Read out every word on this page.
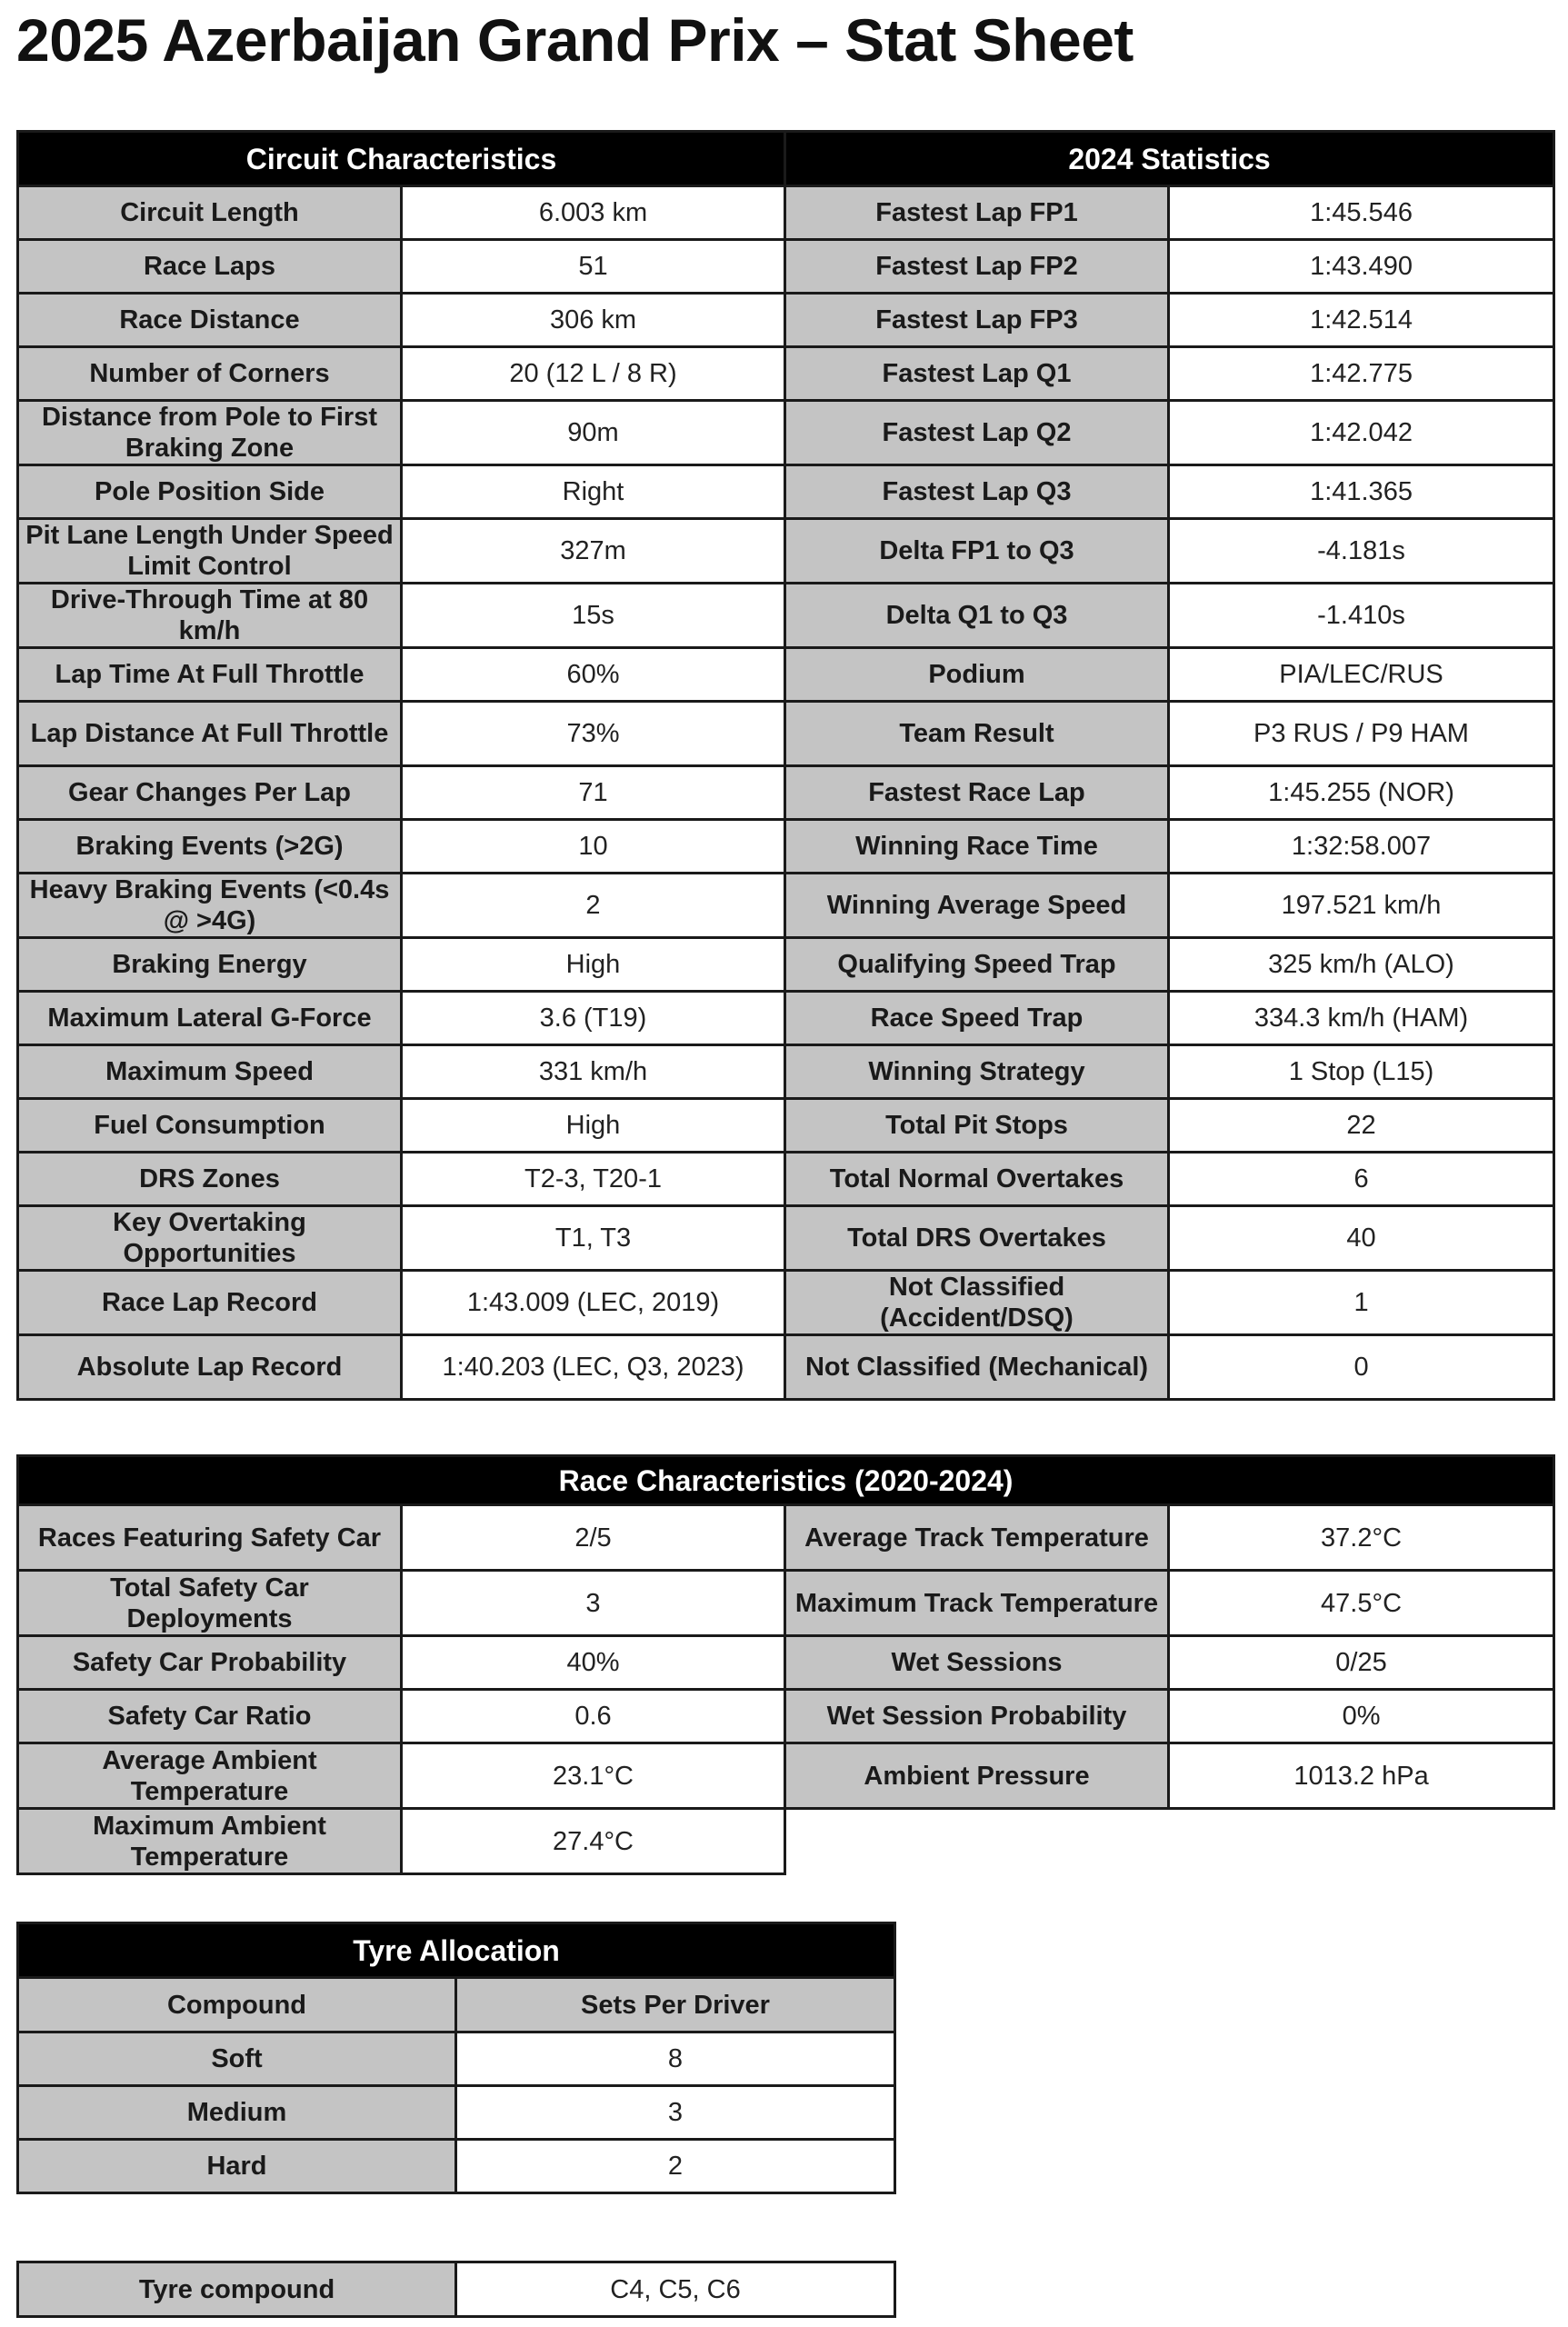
2025 Azerbaijan Grand Prix – Stat Sheet
Circuit Characteristics		2024 Statistics	
Circuit Length	6.003 km	Fastest Lap FP1	1:45.546
Race Laps	51	Fastest Lap FP2	1:43.490
Race Distance	306 km	Fastest Lap FP3	1:42.514
Number of Corners	20 (12 L / 8 R)	Fastest Lap Q1	1:42.775
Distance from Pole to First Braking Zone	90m	Fastest Lap Q2	1:42.042
Pole Position Side	Right	Fastest Lap Q3	1:41.365
Pit Lane Length Under Speed Limit Control	327m	Delta FP1 to Q3	-4.181s
Drive-Through Time at 80 km/h	15s	Delta Q1 to Q3	-1.410s
Lap Time At Full Throttle	60%	Podium	PIA/LEC/RUS
Lap Distance At Full Throttle	73%	Team Result	P3 RUS / P9 HAM
Gear Changes Per Lap	71	Fastest Race Lap	1:45.255 (NOR)
Braking Events (>2G)	10	Winning Race Time	1:32:58.007
Heavy Braking Events (<0.4s @ >4G)	2	Winning Average Speed	197.521 km/h
Braking Energy	High	Qualifying Speed Trap	325 km/h (ALO)
Maximum Lateral G-Force	3.6 (T19)	Race Speed Trap	334.3 km/h (HAM)
Maximum Speed	331 km/h	Winning Strategy	1 Stop (L15)
Fuel Consumption	High	Total Pit Stops	22
DRS Zones	T2-3, T20-1	Total Normal Overtakes	6
Key Overtaking Opportunities	T1, T3	Total DRS Overtakes	40
Race Lap Record	1:43.009 (LEC, 2019)	Not Classified (Accident/DSQ)	1
Absolute Lap Record	1:40.203 (LEC, Q3, 2023)	Not Classified (Mechanical)	0
Race Characteristics (2020-2024)			
Races Featuring Safety Car	2/5	Average Track Temperature	37.2°C
Total Safety Car Deployments	3	Maximum Track Temperature	47.5°C
Safety Car Probability	40%	Wet Sessions	0/25
Safety Car Ratio	0.6	Wet Session Probability	0%
Average Ambient Temperature	23.1°C	Ambient Pressure	1013.2 hPa
Maximum Ambient Temperature	27.4°C		
Tyre Allocation	
Compound	Sets Per Driver
Soft	8
Medium	3
Hard	2
Tyre compound	C4, C5, C6
